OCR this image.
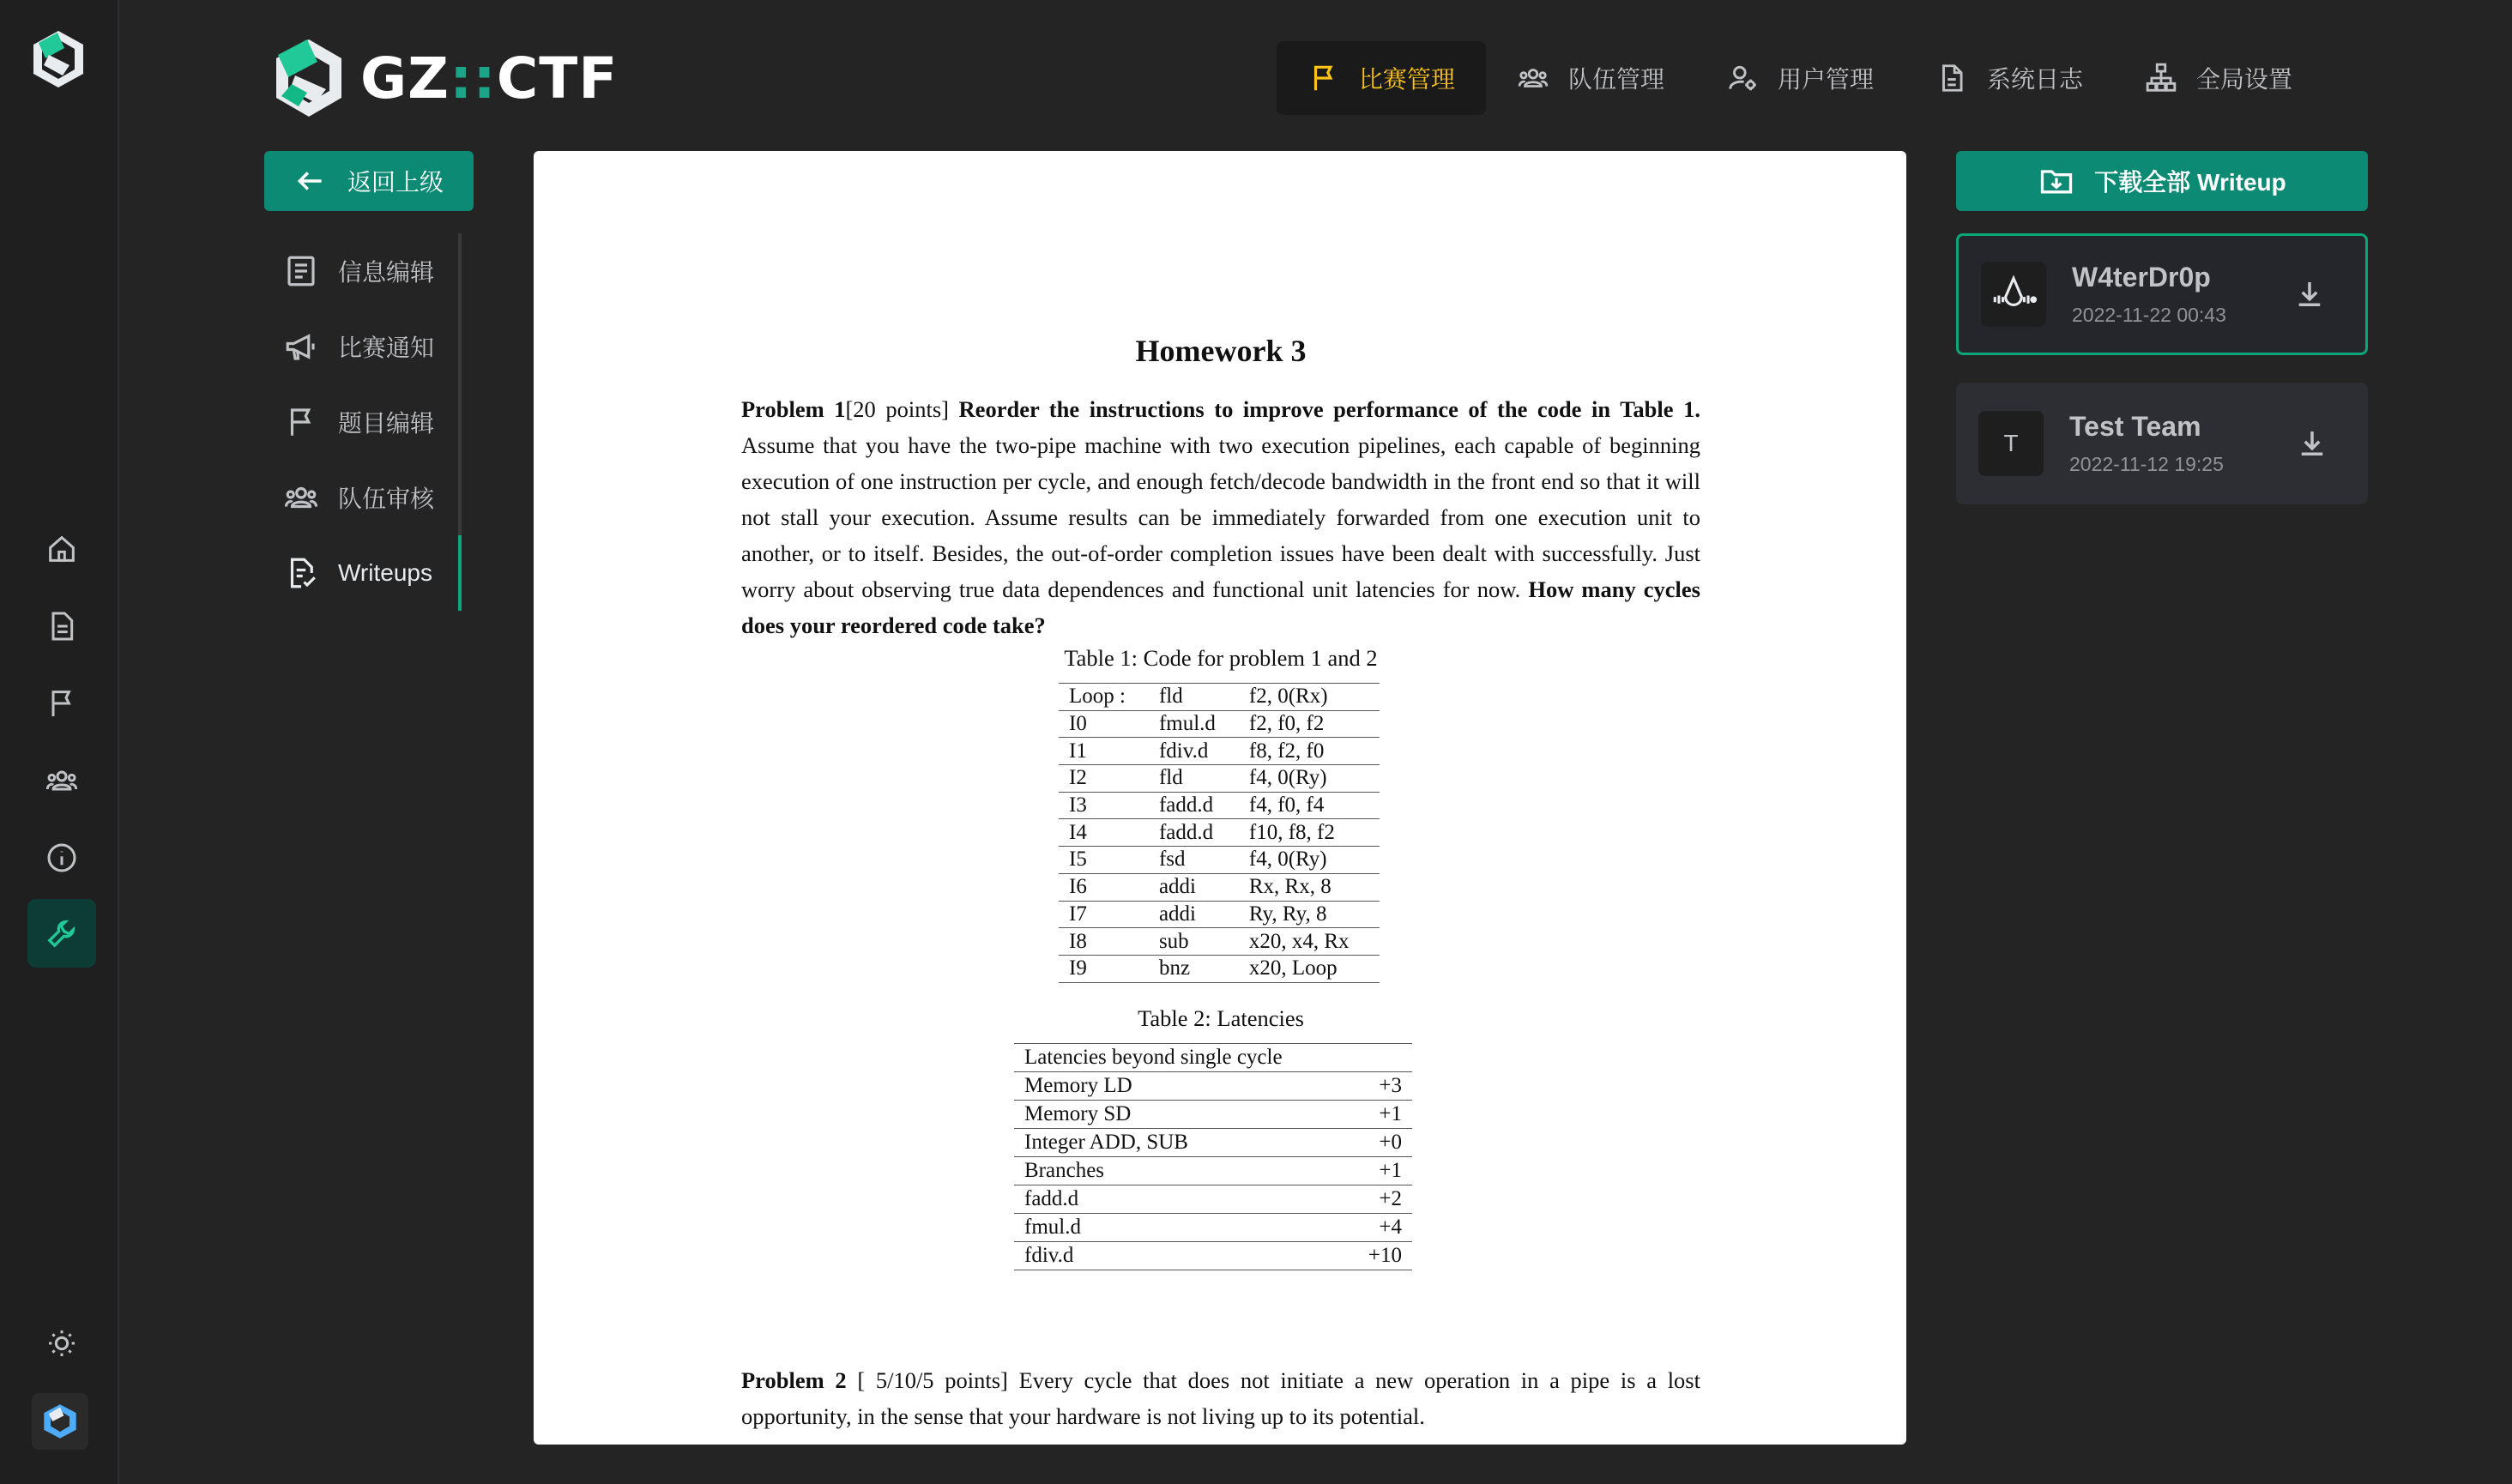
GZ::CTF	比赛管理	队伍管理	用户管理	系统日志	全局设置
返回上级
信息编辑
比赛通知
题目编辑
队伍审核
Writeups
Homework 3
Problem 1[20 points] Reorder the instructions to improve performance of the code in Table 1. Assume that you have the two-pipe machine with two execution pipelines, each capable of beginning execution of one instruction per cycle, and enough fetch/decode bandwidth in the front end so that it will not stall your execution. Assume results can be immediately forwarded from one execution unit to another, or to itself. Besides, the out-of-order completion issues have been dealt with successfully. Just worry about observing true data dependences and functional unit latencies for now. How many cycles does your reordered code take?
Table 1: Code for problem 1 and 2
Loop :	fld	f2, 0(Rx)
I0	fmul.d	f2, f0, f2
I1	fdiv.d	f8, f2, f0
I2	fld	f4, 0(Ry)
I3	fadd.d	f4, f0, f4
I4	fadd.d	f10, f8, f2
I5	fsd	f4, 0(Ry)
I6	addi	Rx, Rx, 8
I7	addi	Ry, Ry, 8
I8	sub	x20, x4, Rx
I9	bnz	x20, Loop
Table 2: Latencies
Latencies beyond single cycle	
Memory LD	+3
Memory SD	+1
Integer ADD, SUB	+0
Branches	+1
fadd.d	+2
fmul.d	+4
fdiv.d	+10
Problem 2 [ 5/10/5 points] Every cycle that does not initiate a new operation in a pipe is a lost opportunity, in the sense that your hardware is not living up to its potential.
下载全部 Writeup
W4terDr0p
2022-11-22 00:43
T
Test Team
2022-11-12 19:25
